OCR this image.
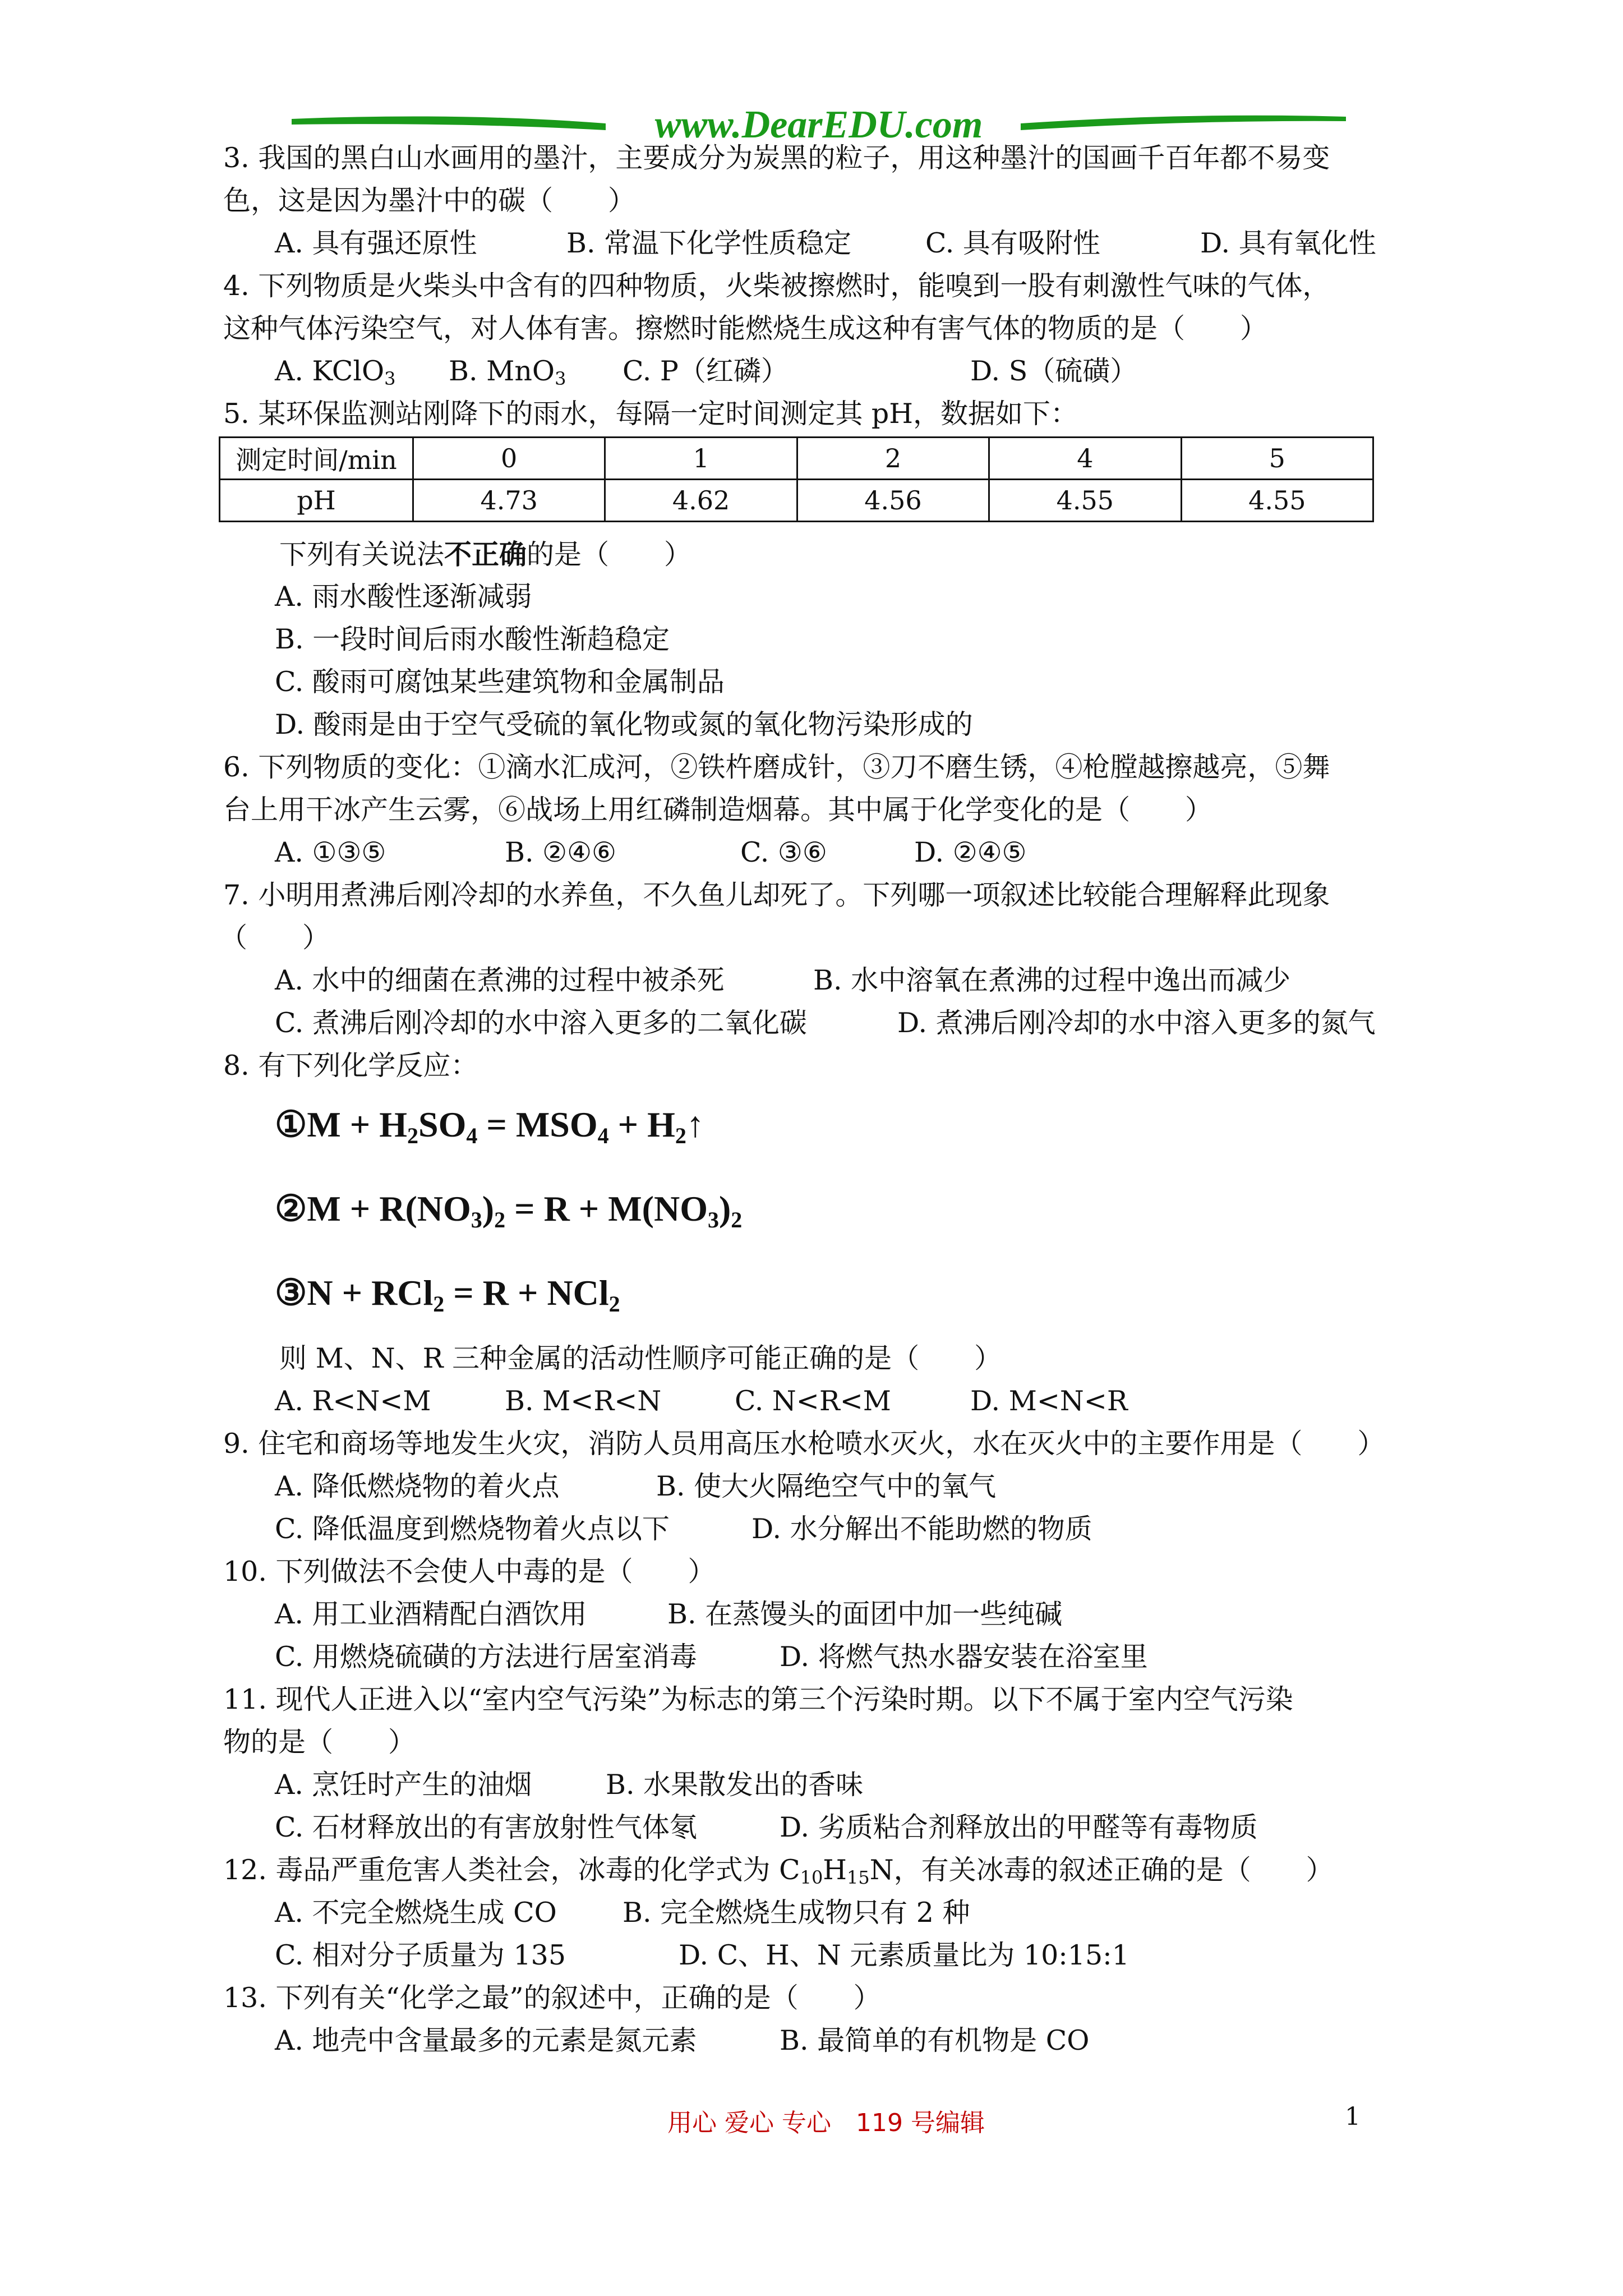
www.DearEDU.com
3. 我国的黑白山水画用的墨汁，主要成分为炭黑的粒子，用这种墨汁的国画千百年都不易变
色，这是因为墨汁中的碳（　　）
A. 具有强还原性	B. 常温下化学性质稳定	C. 具有吸附性	D. 具有氧化性
4. 下列物质是火柴头中含有的四种物质，火柴被擦燃时，能嗅到一股有刺激性气味的气体，
这种气体污染空气，对人体有害。擦燃时能燃烧生成这种有害气体的物质的是（　　）
A. KClO$_3$ B. MnO$_3$ C. P（红磷）	D. S（硫磺）
5. 某环保监测站刚降下的雨水，每隔一定时间测定其 pH，数据如下：
测定时间/min	0	1	2	4	5
pH	4.73	4.62	4.56	4.55	4.55
下列有关说法不正确的是（　　）
A. 雨水酸性逐渐减弱
B. 一段时间后雨水酸性渐趋稳定
C. 酸雨可腐蚀某些建筑物和金属制品
D. 酸雨是由于空气受硫的氧化物或氮的氧化物污染形成的
6. 下列物质的变化：①滴水汇成河，②铁杵磨成针，③刀不磨生锈，④枪膛越擦越亮，⑤舞
台上用干冰产生云雾，⑥战场上用红磷制造烟幕。其中属于化学变化的是（　　）
A. ①③⑤	B. ②④⑥	C. ③⑥	D. ②④⑤
7. 小明用煮沸后刚冷却的水养鱼，不久鱼儿却死了。下列哪一项叙述比较能合理解释此现象
（　　）
A. 水中的细菌在煮沸的过程中被杀死	B. 水中溶氧在煮沸的过程中逸出而减少
C. 煮沸后刚冷却的水中溶入更多的二氧化碳	D. 煮沸后刚冷却的水中溶入更多的氮气
8. 有下列化学反应：
①M + $H_2SO_4 = MSO_4$ + $H_2↑$
②M + $R(NO_3)_2 = R + M(NO_3)_2$
③N + RCl$_2$ = R + NCl$_2$
则 M、N、R 三种金属的活动性顺序可能正确的是（　　）
A. R<N<M	B. M<R<N	C. N<R<M	D. M<N<R
9. 住宅和商场等地发生火灾，消防人员用高压水枪喷水灭火，水在灭火中的主要作用是（　　）
A. 降低燃烧物的着火点	B. 使大火隔绝空气中的氧气
C. 降低温度到燃烧物着火点以下	D. 水分解出不能助燃的物质
10. 下列做法不会使人中毒的是（　　）
A. 用工业酒精配白酒饮用	B. 在蒸馒头的面团中加一些纯碱
C. 用燃烧硫磺的方法进行居室消毒	D. 将燃气热水器安装在浴室里
11. 现代人正进入以“室内空气污染”为标志的第三个污染时期。以下不属于室内空气污染
物的是（　　）
A. 烹饪时产生的油烟	B. 水果散发出的香味
C. 石材释放出的有害放射性气体氡	D. 劣质粘合剂释放出的甲醛等有毒物质
12. 毒品严重危害人类社会，冰毒的化学式为 $C_{10}H_{15}N$，有关冰毒的叙述正确的是（　　）
A. 不完全燃烧生成 CO B. 完全燃烧生成物只有 2 种
C. 相对分子质量为 135	D. C、H、N 元素质量比为 10:15:1
13. 下列有关“化学之最”的叙述中，正确的是（　　）
A. 地壳中含量最多的元素是氮元素	B. 最简单的有机物是 CO
用心 爱心 专心　119 号编辑	1
